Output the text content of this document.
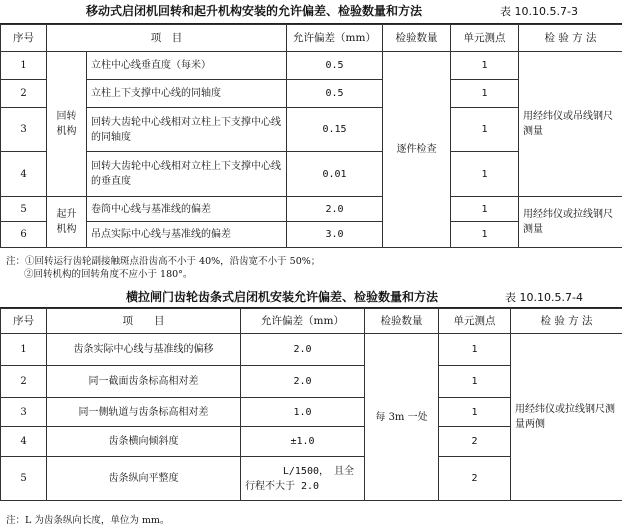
移动式启闭机回转和起升机构安装的允许偏差、检验数量和方法	表 10.10.5.7-3
序号	项　目		允许偏差（mm）	检验数量	单元测点	检 验 方 法
1	回转机构	立柱中心线垂直度（每米）	0.5	逐件检查	1	用经纬仪或吊线钢尺测量
2		立柱上下支撑中心线的同轴度	0.5		1	
3		回转大齿轮中心线相对立柱上下支撑中心线的同轴度	0.15		1	
4		回转大齿轮中心线相对立柱上下支撑中心线的垂直度	0.01		1	
5	起升机构	卷筒中心线与基准线的偏差	2.0		1	用经纬仪或拉线钢尺测量
6		吊点实际中心线与基准线的偏差	3.0		1	
注：①回转运行齿轮副接触斑点沿齿高不小于 40%，沿齿宽不小于 50%；
②回转机构的回转角度不应小于 180°。
横拉闸门齿轮齿条式启闭机安装允许偏差、检验数量和方法	表 10.10.5.7-4
序号	项　　目	允许偏差（mm）	检验数量	单元测点	检 验 方 法
1	齿条实际中心线与基准线的偏移	2.0	每 3m 一处	1	用经纬仪或拉线钢尺测量两侧
2	同一截面齿条标高相对差	2.0		1	
3	同一侧轨道与齿条标高相对差	1.0		1	
4	齿条横向倾斜度	±1.0		2	
5	齿条纵向平整度	L/1500，　且全
行程不大于 2.0		2	
注：L 为齿条纵向长度，单位为 mm。
